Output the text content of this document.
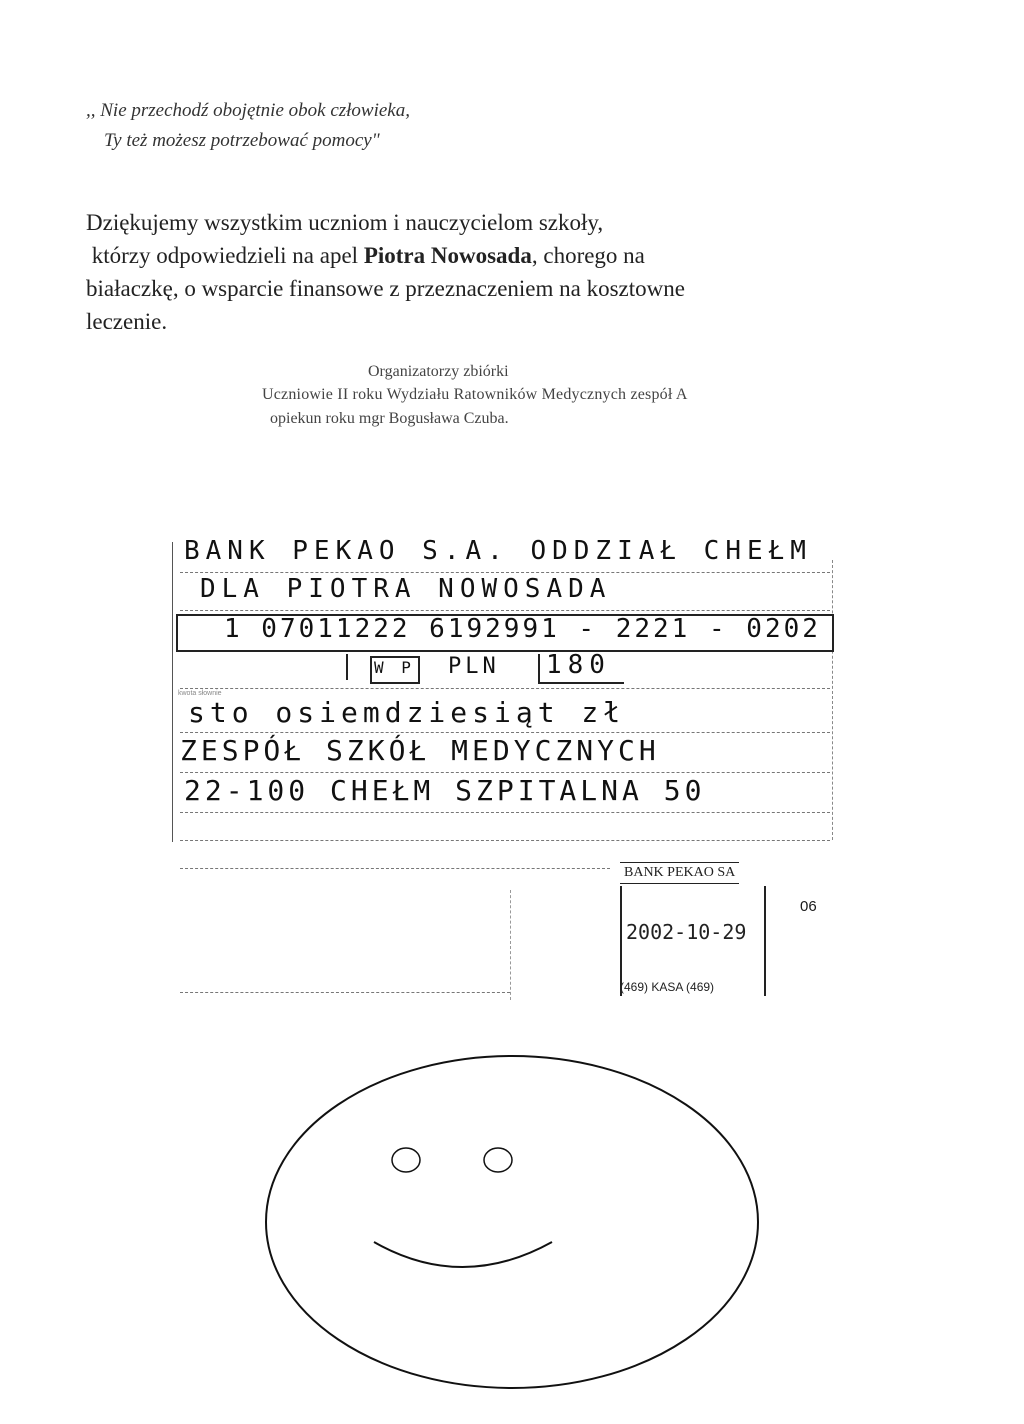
,, Nie przechodź obojętnie obok człowieka,
Ty też możesz potrzebować pomocy"
Dziękujemy wszystkim uczniom i nauczycielom szkoły,
którzy odpowiedzieli na apel Piotra Nowosada, chorego na
białaczkę, o wsparcie finansowe z przeznaczeniem na kosztowne
leczenie.
Organizatorzy zbiórki
Uczniowie II roku Wydziału Ratowników Medycznych zespół A
opiekun roku mgr Bogusława Czuba.
BANK PEKAO S.A. ODDZIAŁ CHEŁM
DLA PIOTRA NOWOSADA
1 07011222 6192991 - 2221 - 0202
W P PLN 180
kwota słownie
sto osiemdziesiąt zł
ZESPÓŁ SZKÓŁ MEDYCZNYCH
22-100 CHEŁM SZPITALNA 50
BANK PEKAO SA
2002-10-29
(469) KASA (469)
06
